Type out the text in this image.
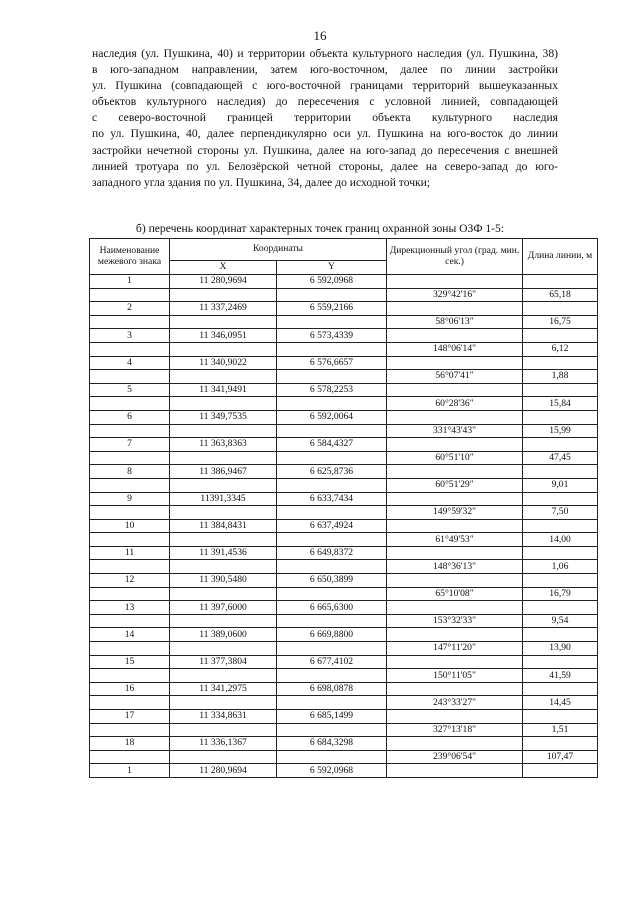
16

наследия (ул. Пушкина, 40) и территории объекта культурного наследия (ул. Пушкина, 38)
в юго-западном направлении, затем юго-восточном, далее по линии застройки
ул. Пушкина (совпадающей с юго-восточной границами территорий вышеуказанных
объектов культурного наследия) до пересечения с условной линией, совпадающей
с северо-восточной границей территории объекта культурного наследия
по ул. Пушкина, 40, далее перпендикулярно оси ул. Пушкина на юго-восток до линии
застройки нечетной стороны ул. Пушкина, далее на юго-запад до пересечения с внешней
линией тротуара по ул. Белозёрской четной стороны, далее на северо-запад до юго-
западного угла здания по ул. Пушкина, 34, далее до исходной точки;

б) перечень координат характерных точек границ охранной зоны ОЗФ 1-5:
Наименование межевого знака	Координаты		Дирекционный угол (град. мин. сек.)	Длина линии, м
	X	Y		
1	11 280,9694	6 592,0968		
			329°42'16"	65,18
2	11 337,2469	6 559,2166		
			58°06'13"	16,75
3	11 346,0951	6 573,4339		
			148°06'14"	6,12
4	11 340,9022	6 576,6657		
			56°07'41"	1,88
5	11 341,9491	6 578,2253		
			60°28'36"	15,84
6	11 349,7535	6 592,0064		
			331°43'43"	15,99
7	11 363,8363	6 584,4327		
			60°51'10"	47,45
8	11 386,9467	6 625,8736		
			60°51'29"	9,01
9	11391,3345	6 633,7434		
			149°59'32"	7,50
10	11 384,8431	6 637,4924		
			61°49'53"	14,00
11	11 391,4536	6 649,8372		
			148°36'13"	1,06
12	11 390,5480	6 650,3899		
			65°10'08"	16,79
13	11 397,6000	6 665,6300		
			153°32'33"	9,54
14	11 389,0600	6 669,8800		
			147°11'20"	13,90
15	11 377,3804	6 677,4102		
			150°11'05"	41,59
16	11 341,2975	6 698,0878		
			243°33'27"	14,45
17	11 334,8631	6 685,1499		
			327°13'18"	1,51
18	11 336,1367	6 684,3298		
			239°06'54"	107,47
1	11 280,9694	6 592,0968		
